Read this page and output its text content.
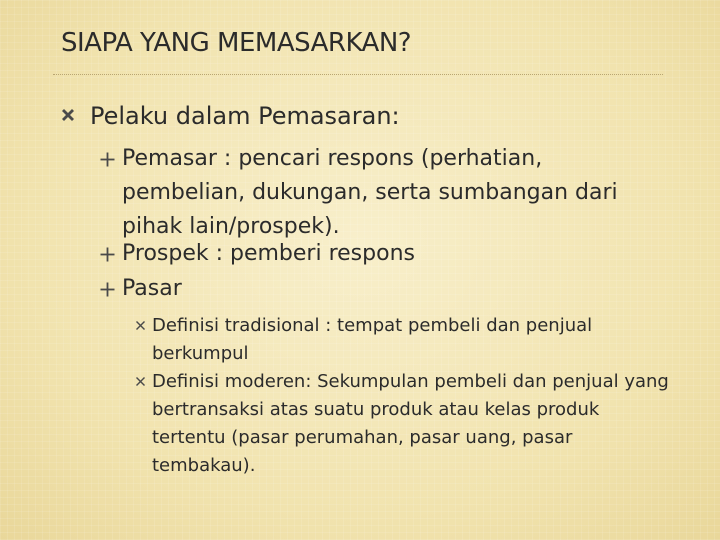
SIAPA YANG MEMASARKAN?
Pelaku dalam Pemasaran:
Pemasar : pencari respons (perhatian, pembelian, dukungan, serta sumbangan dari pihak lain/prospek).
Prospek : pemberi respons
Pasar
Definisi tradisional : tempat pembeli dan penjual berkumpul
Definisi moderen: Sekumpulan pembeli dan penjual yang bertransaksi atas suatu produk atau kelas produk tertentu (pasar perumahan, pasar uang, pasar tembakau).
